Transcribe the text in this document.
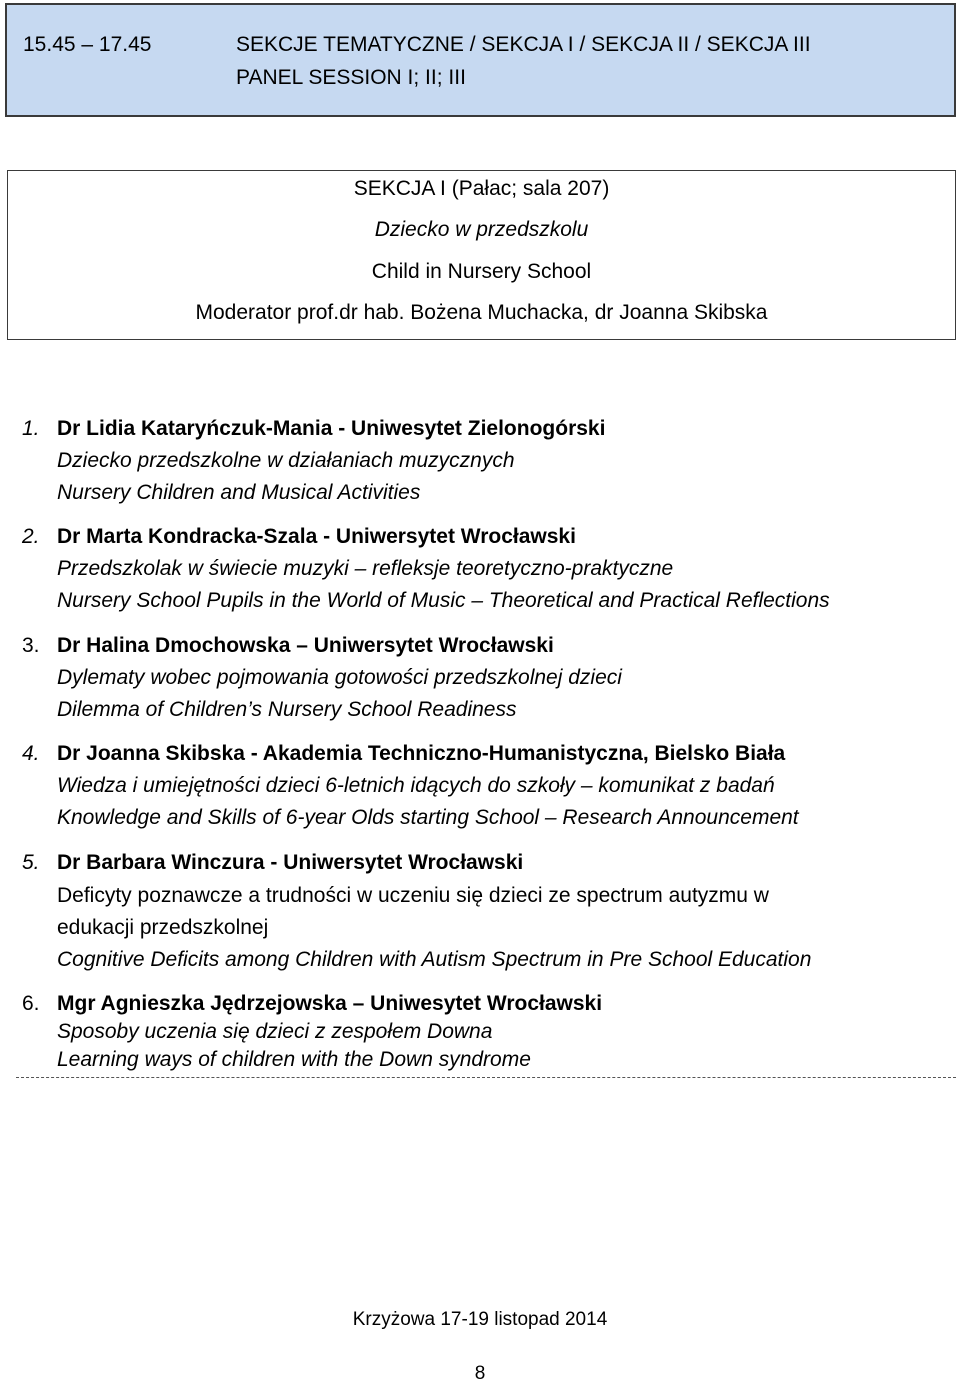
15.45 – 17.45	SEKCJE TEMATYCZNE / SEKCJA I / SEKCJA II / SEKCJA III
PANEL SESSION I; II; III
SEKCJA I (Pałac; sala 207)
Dziecko w przedszkolu
Child in Nursery School
Moderator prof.dr hab. Bożena Muchacka, dr Joanna Skibska
1. Dr Lidia Kataryńczuk-Mania - Uniwesytet Zielonogórski
Dziecko przedszkolne w działaniach muzycznych
Nursery Children and Musical Activities
2. Dr Marta Kondracka-Szala - Uniwersytet Wrocławski
Przedszkolak w świecie muzyki – refleksje teoretyczno-praktyczne
Nursery School Pupils in the World of Music – Theoretical and Practical Reflections
3. Dr Halina Dmochowska – Uniwersytet Wrocławski
Dylematy wobec pojmowania gotowości przedszkolnej dzieci
Dilemma of Children’s Nursery School Readiness
4. Dr Joanna Skibska - Akademia Techniczno-Humanistyczna, Bielsko Biała
Wiedza i umiejętności dzieci 6-letnich idących do szkoły – komunikat z badań
Knowledge and Skills of 6-year Olds starting School – Research Announcement
5. Dr Barbara Winczura - Uniwersytet Wrocławski
Deficyty poznawcze a trudności w uczeniu się dzieci ze spectrum autyzmu w
edukacji przedszkolnej
Cognitive Deficits among Children with Autism Spectrum in Pre School Education
6. Mgr Agnieszka Jędrzejowska – Uniwesytet Wrocławski
Sposoby uczenia się dzieci z zespołem Downa
Learning ways of children with the Down syndrome
Krzyżowa 17-19 listopad 2014
8
